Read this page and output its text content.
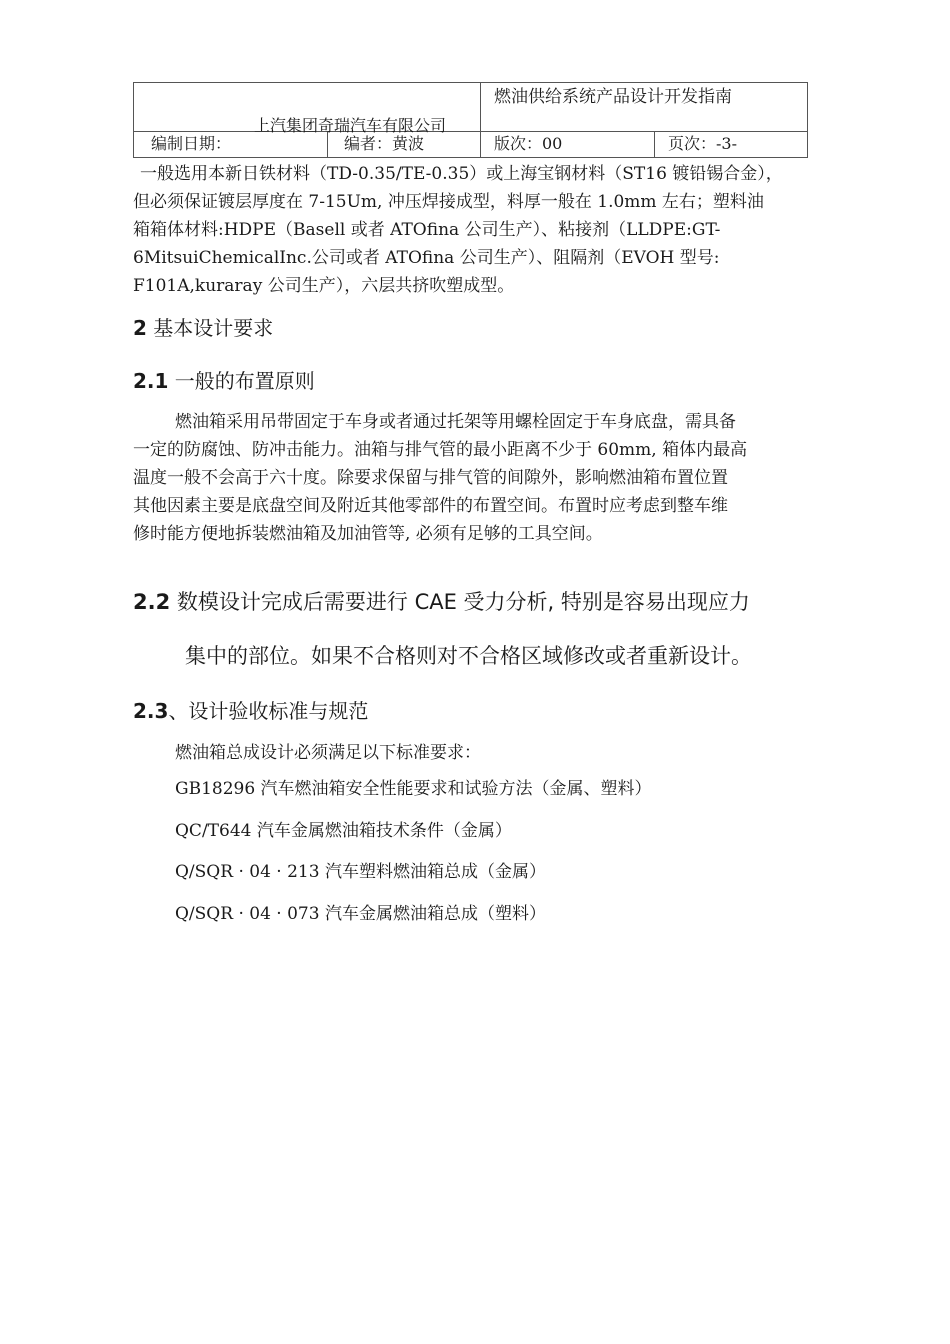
上汽集团奇瑞汽车有限公司
燃油供给系统产品设计开发指南
编制日期：	编者：黄波	版次：00	页次：-3-
一般选用本新日铁材料（TD-0.35/TE-0.35）或上海宝钢材料（ST16 镀铅锡合金），
但必须保证镀层厚度在 7-15Um, 冲压焊接成型，料厚一般在 1.0mm 左右；塑料油
箱箱体材料:HDPE（Basell 或者 ATOfina 公司生产）、粘接剂（LLDPE:GT-
6MitsuiChemicalInc.公司或者 ATOfina 公司生产）、阻隔剂（EVOH 型号:
F101A,kuraray 公司生产），六层共挤吹塑成型。
2 基本设计要求
2.1 一般的布置原则
燃油箱采用吊带固定于车身或者通过托架等用螺栓固定于车身底盘，需具备
一定的防腐蚀、防冲击能力。油箱与排气管的最小距离不少于 60mm, 箱体内最高
温度一般不会高于六十度。除要求保留与排气管的间隙外，影响燃油箱布置位置
其他因素主要是底盘空间及附近其他零部件的布置空间。布置时应考虑到整车维
修时能方便地拆装燃油箱及加油管等, 必须有足够的工具空间。
2.2 数模设计完成后需要进行 CAE 受力分析, 特别是容易出现应力
集中的部位。如果不合格则对不合格区域修改或者重新设计。
2.3、设计验收标准与规范
燃油箱总成设计必须满足以下标准要求：
GB18296 汽车燃油箱安全性能要求和试验方法（金属、塑料）
QC/T644 汽车金属燃油箱技术条件（金属）
Q/SQR · 04 · 213 汽车塑料燃油箱总成（金属）
Q/SQR · 04 · 073 汽车金属燃油箱总成（塑料）
